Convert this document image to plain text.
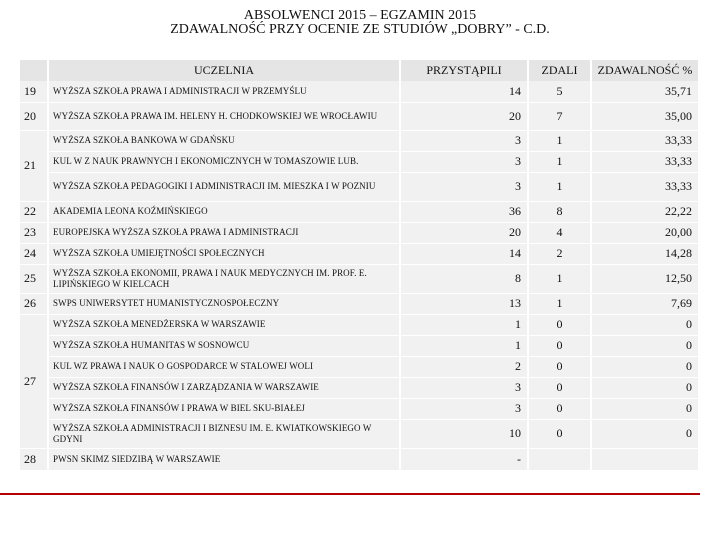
ABSOLWENCI 2015 – EGZAMIN 2015
ZDAWALNOŚĆ PRZY OCENIE ZE STUDIÓW „DOBRY” - C.D.
	UCZELNIA	PRZYSTĄPILI	ZDALI	ZDAWALNOŚĆ %
19	WYŻSZA SZKOŁA PRAWA I ADMINISTRACJI W PRZEMYŚLU	14	5	35,71
20	WYŻSZA SZKOŁA PRAWA IM. HELENY H. CHODKOWSKIEJ WE WROCŁAWIU	20	7	35,00
21	WYŻSZA SZKOŁA BANKOWA W GDAŃSKU	3	1	33,33
	KUL W Z NAUK PRAWNYCH I EKONOMICZNYCH W TOMASZOWIE LUB.	3	1	33,33
	WYŻSZA SZKOŁA PEDAGOGIKI I ADMINISTRACJI IM. MIESZKA I W POZNIU	3	1	33,33
22	AKADEMIA LEONA KOŹMIŃSKIEGO	36	8	22,22
23	EUROPEJSKA WYŻSZA SZKOŁA PRAWA I ADMINISTRACJI	20	4	20,00
24	WYŻSZA SZKOŁA UMIEJĘTNOŚCI SPOŁECZNYCH	14	2	14,28
25	WYŻSZA SZKOŁA EKONOMII, PRAWA I NAUK MEDYCZNYCH IM. PROF. E. LIPIŃSKIEGO W KIELCACH	8	1	12,50
26	SWPS UNIWERSYTET HUMANISTYCZNOSPOŁECZNY	13	1	7,69
27	WYŻSZA SZKOŁA MENEDŻERSKA W WARSZAWIE	1	0	0
	WYŻSZA SZKOŁA HUMANITAS W SOSNOWCU	1	0	0
	KUL WZ PRAWA I NAUK O GOSPODARCE W STALOWEJ WOLI	2	0	0
	WYŻSZA SZKOŁA FINANSÓW I ZARZĄDZANIA W WARSZAWIE	3	0	0
	WYŻSZA SZKOŁA FINANSÓW I PRAWA W BIEL SKU-BIAŁEJ	3	0	0
	WYŻSZA SZKOŁA ADMINISTRACJI I BIZNESU IM. E. KWIATKOWSKIEGO W GDYNI	10	0	0
28	PWSN SKIMZ SIEDZIBĄ W WARSZAWIE	-		
